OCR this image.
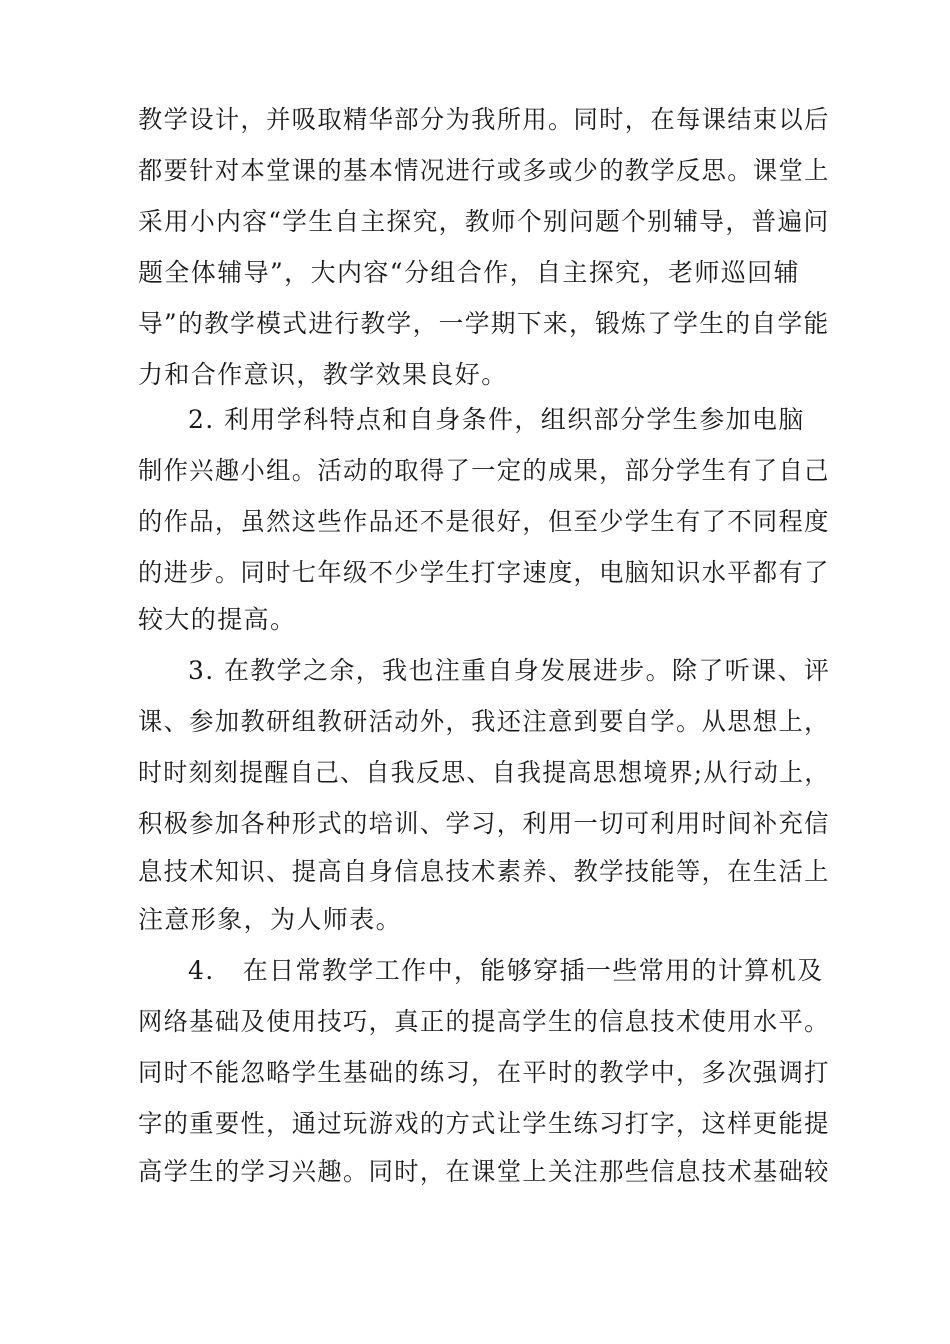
教学设计，并吸取精华部分为我所用。同时，在每课结束以后
都要针对本堂课的基本情况进行或多或少的教学反思。课堂上
采用小内容“学生自主探究，教师个别问题个别辅导，普遍问
题全体辅导”，大内容“分组合作，自主探究，老师巡回辅
导”的教学模式进行教学，一学期下来，锻炼了学生的自学能
力和合作意识，教学效果良好。
2. 利用学科特点和自身条件，组织部分学生参加电脑
制作兴趣小组。活动的取得了一定的成果，部分学生有了自己
的作品，虽然这些作品还不是很好，但至少学生有了不同程度
的进步。同时七年级不少学生打字速度，电脑知识水平都有了
较大的提高。
3. 在教学之余，我也注重自身发展进步。除了听课、评
课、参加教研组教研活动外，我还注意到要自学。从思想上，
时时刻刻提醒自己、自我反思、自我提高思想境界;从行动上，
积极参加各种形式的培训、学习，利用一切可利用时间补充信
息技术知识、提高自身信息技术素养、教学技能等，在生活上
注意形象，为人师表。
4.   在日常教学工作中，能够穿插一些常用的计算机及
网络基础及使用技巧，真正的提高学生的信息技术使用水平。
同时不能忽略学生基础的练习，在平时的教学中，多次强调打
字的重要性，通过玩游戏的方式让学生练习打字，这样更能提
高学生的学习兴趣。同时，在课堂上关注那些信息技术基础较
